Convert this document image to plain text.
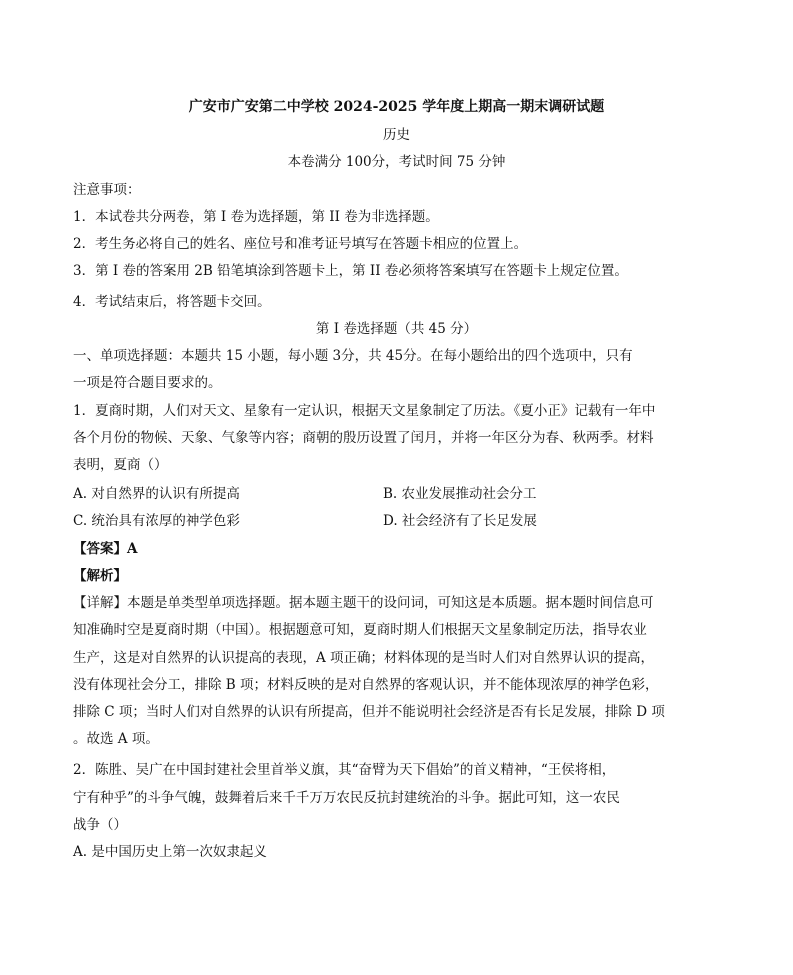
广安市广安第二中学校 2024-2025 学年度上期高一期末调研试题
历史
本卷满分 100分，考试时间 75 分钟
注意事项：
1．本试卷共分两卷，第 I 卷为选择题，第 II 卷为非选择题。
2．考生务必将自己的姓名、座位号和准考证号填写在答题卡相应的位置上。
3．第 I 卷的答案用 2B 铅笔填涂到答题卡上，第 II 卷必须将答案填写在答题卡上规定位置。
4．考试结束后，将答题卡交回。
第 I 卷选择题（共 45 分）
一、单项选择题：本题共 15 小题，每小题 3分，共 45分。在每小题给出的四个选项中，只有
一项是符合题目要求的。
1．夏商时期，人们对天文、星象有一定认识，根据天文星象制定了历法。《夏小正》记载有一年中
各个月份的物候、天象、气象等内容；商朝的殷历设置了闰月，并将一年区分为春、秋两季。材料
表明，夏商（）
A. 对自然界的认识有所提高	B. 农业发展推动社会分工
C. 统治具有浓厚的神学色彩	D. 社会经济有了长足发展
【答案】A
【解析】
【详解】本题是单类型单项选择题。据本题主题干的设问词，可知这是本质题。据本题时间信息可
知准确时空是夏商时期（中国）。根据题意可知，夏商时期人们根据天文星象制定历法，指导农业
生产，这是对自然界的认识提高的表现，A 项正确；材料体现的是当时人们对自然界认识的提高，
没有体现社会分工，排除 B 项；材料反映的是对自然界的客观认识，并不能体现浓厚的神学色彩，
排除 C 项；当时人们对自然界的认识有所提高，但并不能说明社会经济是否有长足发展，排除 D 项
。故选 A 项。
2．陈胜、吴广在中国封建社会里首举义旗，其“奋臂为天下倡始”的首义精神，“王侯将相，
宁有种乎”的斗争气魄，鼓舞着后来千千万万农民反抗封建统治的斗争。据此可知，这一农民
战争（）
A. 是中国历史上第一次奴隶起义
